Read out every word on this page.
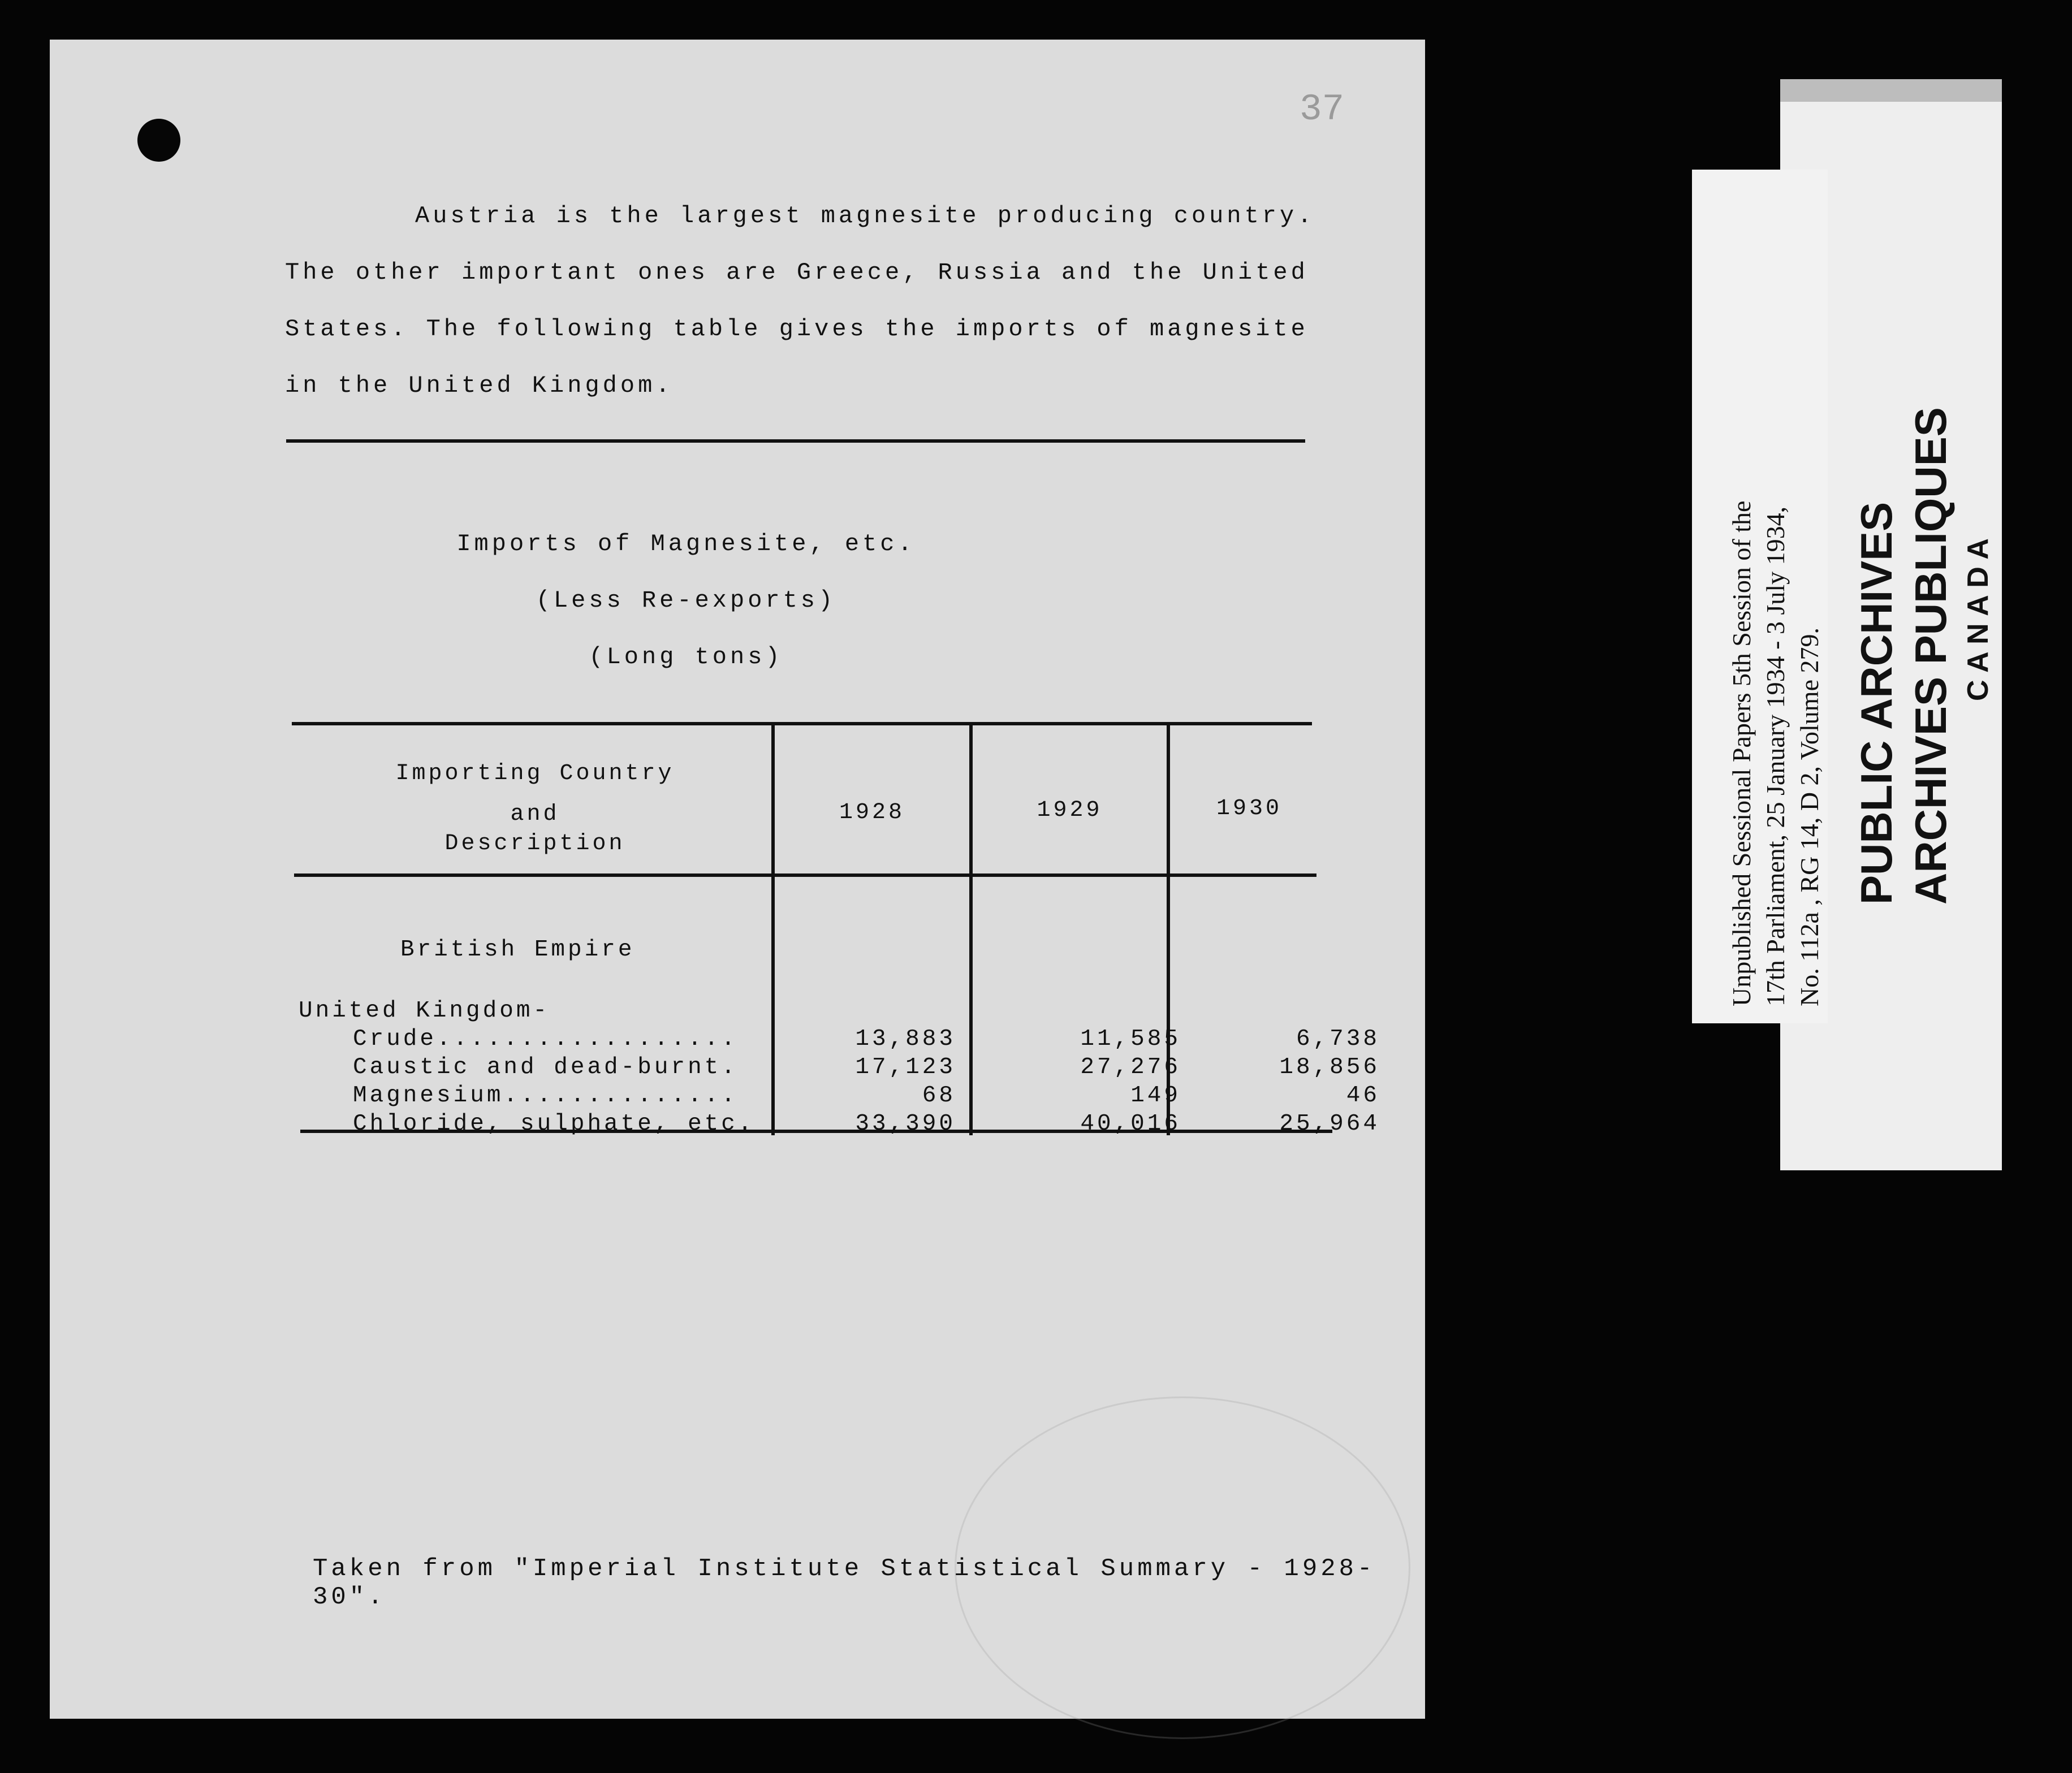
37
Austria is the largest magnesite producing country.
The other important ones are Greece, Russia and the United
States. The following table gives the imports of magnesite
in the United Kingdom.
Imports of Magnesite, etc.
(Less Re-exports)
(Long tons)
Importing Country
and
Description
1928	1929	1930
British Empire
United Kingdom-
Crude..................	13,883	11,585	6,738
Caustic and dead-burnt.	17,123	27,276	18,856
Magnesium..............	68	149	46
Chloride, sulphate, etc.	33,390	40,016	25,964
Taken from "Imperial Institute Statistical Summary - 1928-30".
Unpublished Sessional Papers 5th Session of the 17th Parliament, 25 January 1934 - 3 July 1934, No. 112a , RG 14, D 2, Volume 279. PUBLIC ARCHIVES ARCHIVES PUBLIQUES C A N A D A
